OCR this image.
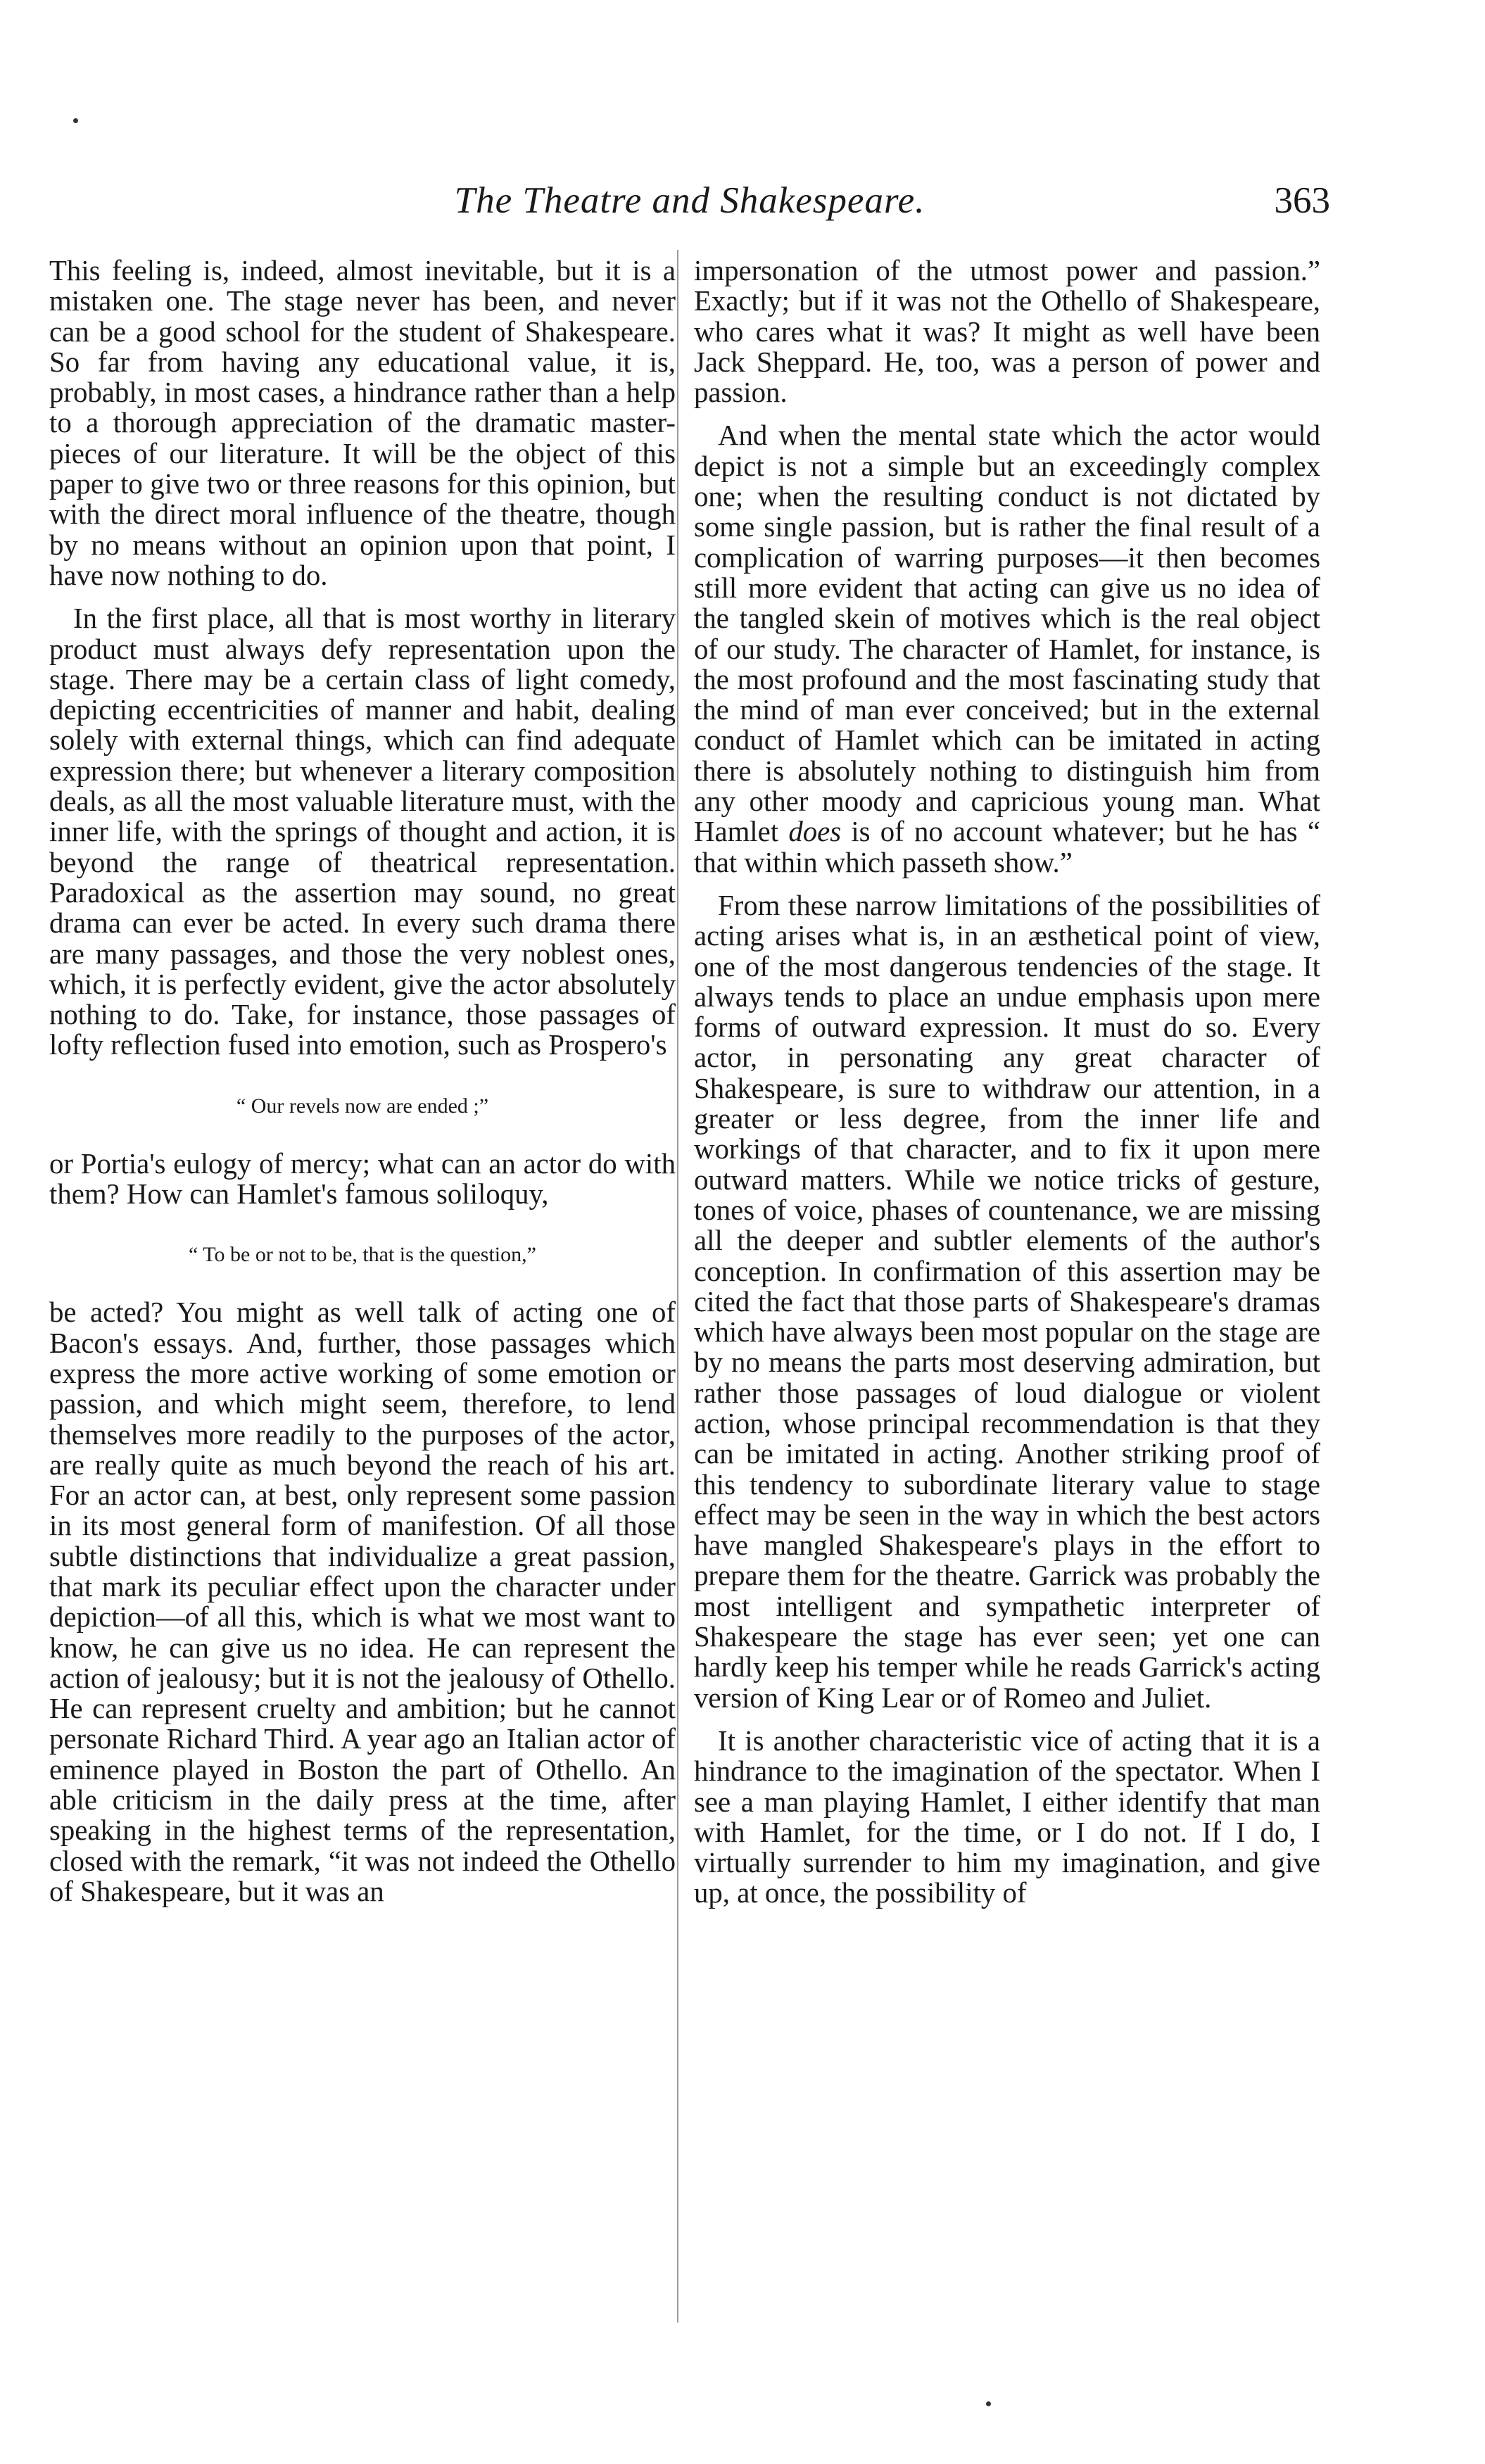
The Theatre and Shakespeare.	363

This feeling is, indeed, almost inevitable, but it is a mistaken one. The stage never has been, and never can be a good school for the student of Shakespeare. So far from having any educational value, it is, probably, in most cases, a hindrance rather than a help to a thorough appreciation of the dramatic master-pieces of our literature. It will be the object of this paper to give two or three reasons for this opinion, but with the direct moral influence of the theatre, though by no means without an opinion upon that point, I have now nothing to do.

In the first place, all that is most worthy in literary product must always defy representation upon the stage. There may be a certain class of light comedy, depicting eccentricities of manner and habit, dealing solely with external things, which can find adequate expression there; but whenever a literary composition deals, as all the most valuable literature must, with the inner life, with the springs of thought and action, it is beyond the range of theatrical representation. Paradoxical as the assertion may sound, no great drama can ever be acted. In every such drama there are many passages, and those the very noblest ones, which, it is perfectly evident, give the actor absolutely nothing to do. Take, for instance, those passages of lofty reflection fused into emotion, such as Prospero's

“ Our revels now are ended ;”

or Portia's eulogy of mercy; what can an actor do with them? How can Hamlet's famous soliloquy,

“ To be or not to be, that is the question,”

be acted? You might as well talk of acting one of Bacon's essays. And, further, those passages which express the more active working of some emotion or passion, and which might seem, therefore, to lend themselves more readily to the purposes of the actor, are really quite as much beyond the reach of his art. For an actor can, at best, only represent some passion in its most general form of manifestion. Of all those subtle distinctions that individualize a great passion, that mark its peculiar effect upon the character under depiction—of all this, which is what we most want to know, he can give us no idea. He can represent the action of jealousy; but it is not the jealousy of Othello. He can represent cruelty and ambition; but he cannot personate Richard Third. A year ago an Italian actor of eminence played in Boston the part of Othello. An able criticism in the daily press at the time, after speaking in the highest terms of the representation, closed with the remark, “it was not indeed the Othello of Shakespeare, but it was an

impersonation of the utmost power and passion.” Exactly; but if it was not the Othello of Shakespeare, who cares what it was? It might as well have been Jack Sheppard. He, too, was a person of power and passion.

And when the mental state which the actor would depict is not a simple but an exceedingly complex one; when the resulting conduct is not dictated by some single passion, but is rather the final result of a complication of warring purposes—it then becomes still more evident that acting can give us no idea of the tangled skein of motives which is the real object of our study. The character of Hamlet, for instance, is the most profound and the most fascinating study that the mind of man ever conceived; but in the external conduct of Hamlet which can be imitated in acting there is absolutely nothing to distinguish him from any other moody and capricious young man. What Hamlet does is of no account whatever; but he has “ that within which passeth show.”

From these narrow limitations of the possibilities of acting arises what is, in an æsthetical point of view, one of the most dangerous tendencies of the stage. It always tends to place an undue emphasis upon mere forms of outward expression. It must do so. Every actor, in personating any great character of Shakespeare, is sure to withdraw our attention, in a greater or less degree, from the inner life and workings of that character, and to fix it upon mere outward matters. While we notice tricks of gesture, tones of voice, phases of countenance, we are missing all the deeper and subtler elements of the author's conception. In confirmation of this assertion may be cited the fact that those parts of Shakespeare's dramas which have always been most popular on the stage are by no means the parts most deserving admiration, but rather those passages of loud dialogue or violent action, whose principal recommendation is that they can be imitated in acting. Another striking proof of this tendency to subordinate literary value to stage effect may be seen in the way in which the best actors have mangled Shakespeare's plays in the effort to prepare them for the theatre. Garrick was probably the most intelligent and sympathetic interpreter of Shakespeare the stage has ever seen; yet one can hardly keep his temper while he reads Garrick's acting version of King Lear or of Romeo and Juliet.

It is another characteristic vice of acting that it is a hindrance to the imagination of the spectator. When I see a man playing Hamlet, I either identify that man with Hamlet, for the time, or I do not. If I do, I virtually surrender to him my imagination, and give up, at once, the possibility of
